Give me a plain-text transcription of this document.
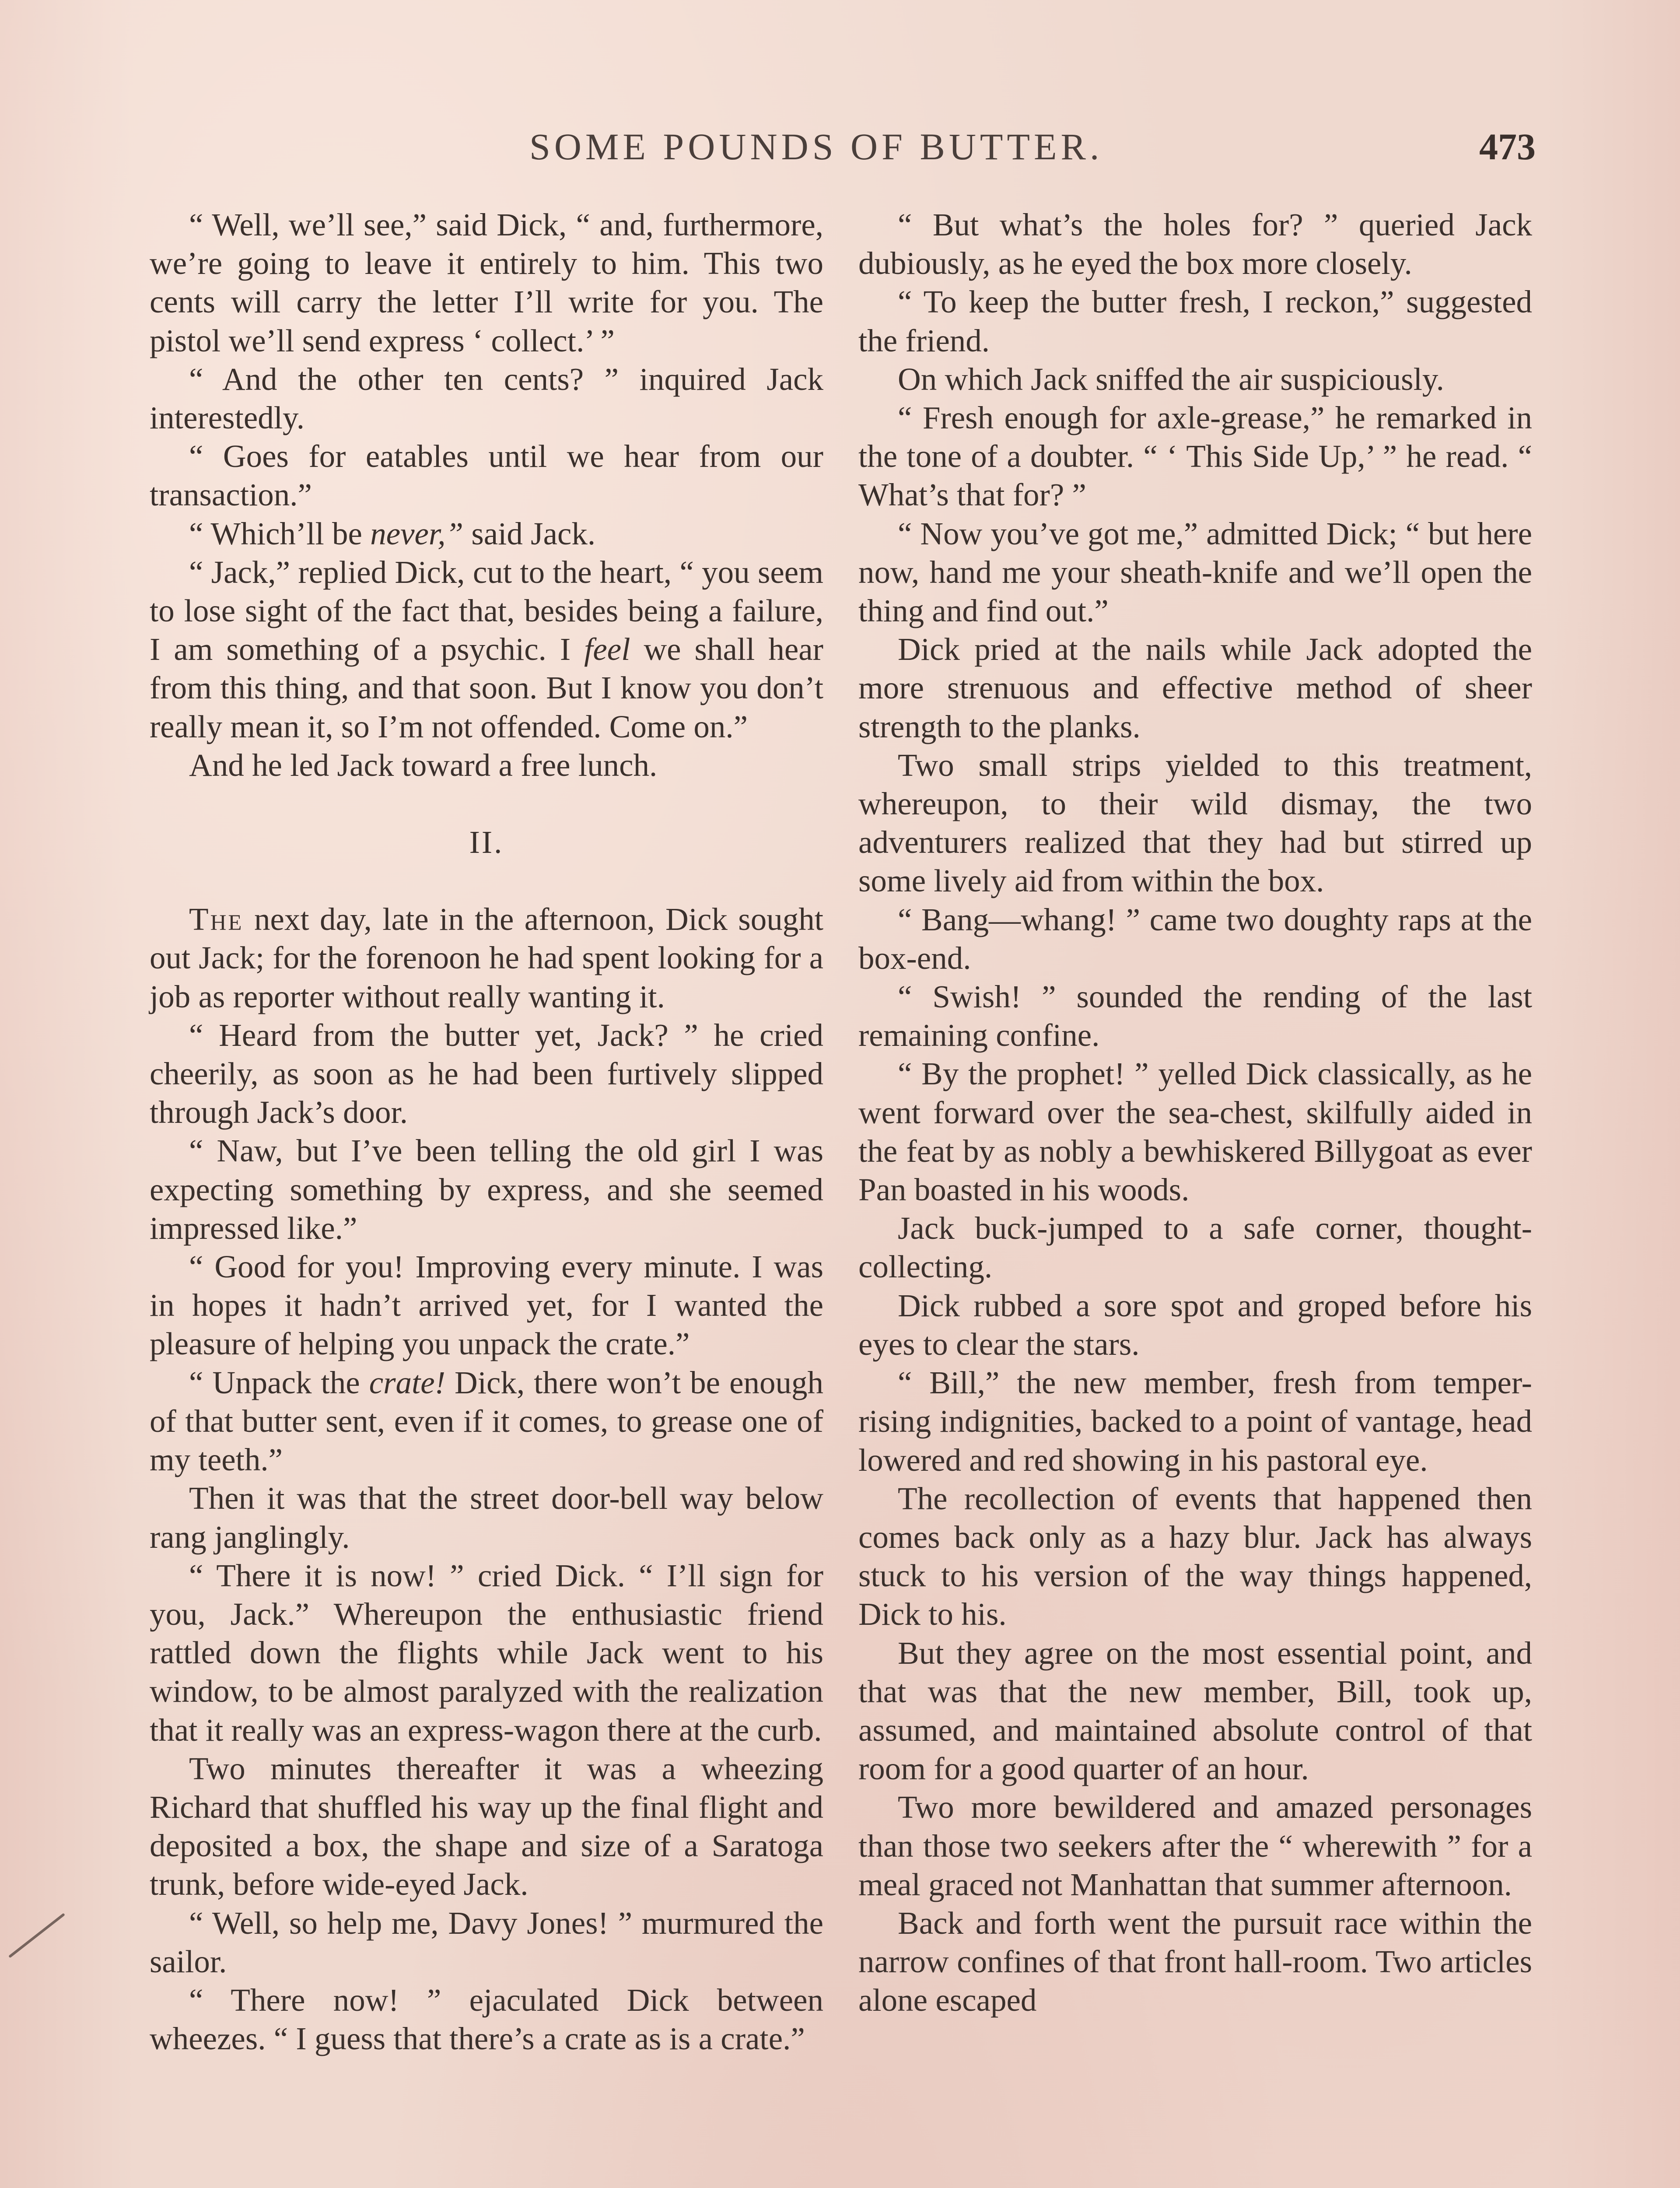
SOME POUNDS OF BUTTER.	473

“ Well, we’ll see,” said Dick, “ and, furthermore, we’re going to leave it entirely to him. This two cents will carry the letter I’ll write for you. The pistol we’ll send express ‘ collect.’ ”

“ And the other ten cents? ” inquired Jack interestedly.

“ Goes for eatables until we hear from our transaction.”

“ Which’ll be never,” said Jack.

“ Jack,” replied Dick, cut to the heart, “ you seem to lose sight of the fact that, besides being a failure, I am something of a psychic. I feel we shall hear from this thing, and that soon. But I know you don’t really mean it, so I’m not offended. Come on.”

And he led Jack toward a free lunch.

II.

The next day, late in the afternoon, Dick sought out Jack; for the forenoon he had spent looking for a job as reporter without really wanting it.

“ Heard from the butter yet, Jack? ” he cried cheerily, as soon as he had been furtively slipped through Jack’s door.

“ Naw, but I’ve been telling the old girl I was expecting something by express, and she seemed impressed like.”

“ Good for you! Improving every minute. I was in hopes it hadn’t arrived yet, for I wanted the pleasure of helping you unpack the crate.”

“ Unpack the crate! Dick, there won’t be enough of that butter sent, even if it comes, to grease one of my teeth.”

Then it was that the street door-bell way below rang janglingly.

“ There it is now! ” cried Dick. “ I’ll sign for you, Jack.” Whereupon the enthusiastic friend rattled down the flights while Jack went to his window, to be almost paralyzed with the realization that it really was an express-wagon there at the curb.

Two minutes thereafter it was a wheezing Richard that shuffled his way up the final flight and deposited a box, the shape and size of a Saratoga trunk, before wide-eyed Jack.

“ Well, so help me, Davy Jones! ” murmured the sailor.

“ There now! ” ejaculated Dick between wheezes. “ I guess that there’s a crate as is a crate.”

“ But what’s the holes for? ” queried Jack dubiously, as he eyed the box more closely.

“ To keep the butter fresh, I reckon,” suggested the friend.

On which Jack sniffed the air suspiciously.

“ Fresh enough for axle-grease,” he remarked in the tone of a doubter. “ ‘ This Side Up,’ ” he read. “ What’s that for? ”

“ Now you’ve got me,” admitted Dick; “ but here now, hand me your sheath-knife and we’ll open the thing and find out.”

Dick pried at the nails while Jack adopted the more strenuous and effective method of sheer strength to the planks.

Two small strips yielded to this treatment, whereupon, to their wild dismay, the two adventurers realized that they had but stirred up some lively aid from within the box.

“ Bang—whang! ” came two doughty raps at the box-end.

“ Swish! ” sounded the rending of the last remaining confine.

“ By the prophet! ” yelled Dick classically, as he went forward over the sea-chest, skilfully aided in the feat by as nobly a bewhiskered Billygoat as ever Pan boasted in his woods.

Jack buck-jumped to a safe corner, thought-collecting.

Dick rubbed a sore spot and groped before his eyes to clear the stars.

“ Bill,” the new member, fresh from temper-rising indignities, backed to a point of vantage, head lowered and red showing in his pastoral eye.

The recollection of events that happened then comes back only as a hazy blur. Jack has always stuck to his version of the way things happened, Dick to his.

But they agree on the most essential point, and that was that the new member, Bill, took up, assumed, and maintained absolute control of that room for a good quarter of an hour.

Two more bewildered and amazed personages than those two seekers after the “ wherewith ” for a meal graced not Manhattan that summer afternoon.

Back and forth went the pursuit race within the narrow confines of that front hall-room. Two articles alone escaped
